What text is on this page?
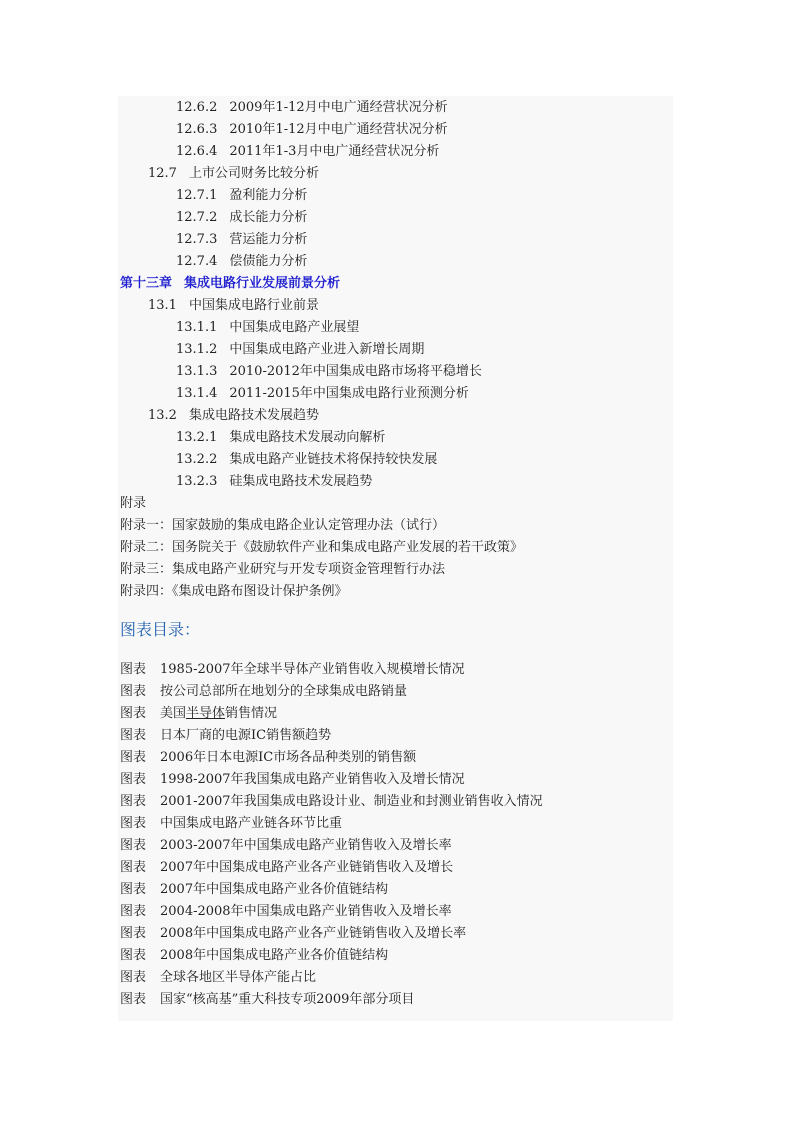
12.6.2 2009年1-12月中电广通经营状况分析
12.6.3 2010年1-12月中电广通经营状况分析
12.6.4 2011年1-3月中电广通经营状况分析
12.7 上市公司财务比较分析
12.7.1 盈利能力分析
12.7.2 成长能力分析
12.7.3 营运能力分析
12.7.4 偿债能力分析
第十三章 集成电路行业发展前景分析
13.1 中国集成电路行业前景
13.1.1 中国集成电路产业展望
13.1.2 中国集成电路产业进入新增长周期
13.1.3 2010-2012年中国集成电路市场将平稳增长
13.1.4 2011-2015年中国集成电路行业预测分析
13.2 集成电路技术发展趋势
13.2.1 集成电路技术发展动向解析
13.2.2 集成电路产业链技术将保持较快发展
13.2.3 硅集成电路技术发展趋势
附录
附录一：国家鼓励的集成电路企业认定管理办法（试行）
附录二：国务院关于《鼓励软件产业和集成电路产业发展的若干政策》
附录三：集成电路产业研究与开发专项资金管理暂行办法
附录四：《集成电路布图设计保护条例》
图表目录：
图表 1985-2007年全球半导体产业销售收入规模增长情况
图表 按公司总部所在地划分的全球集成电路销量
图表 美国半导体销售情况
图表 日本厂商的电源IC销售额趋势
图表 2006年日本电源IC市场各品种类别的销售额
图表 1998-2007年我国集成电路产业销售收入及增长情况
图表 2001-2007年我国集成电路设计业、制造业和封测业销售收入情况
图表 中国集成电路产业链各环节比重
图表 2003-2007年中国集成电路产业销售收入及增长率
图表 2007年中国集成电路产业各产业链销售收入及增长
图表 2007年中国集成电路产业各价值链结构
图表 2004-2008年中国集成电路产业销售收入及增长率
图表 2008年中国集成电路产业各产业链销售收入及增长率
图表 2008年中国集成电路产业各价值链结构
图表 全球各地区半导体产能占比
图表 国家“核高基”重大科技专项2009年部分项目
